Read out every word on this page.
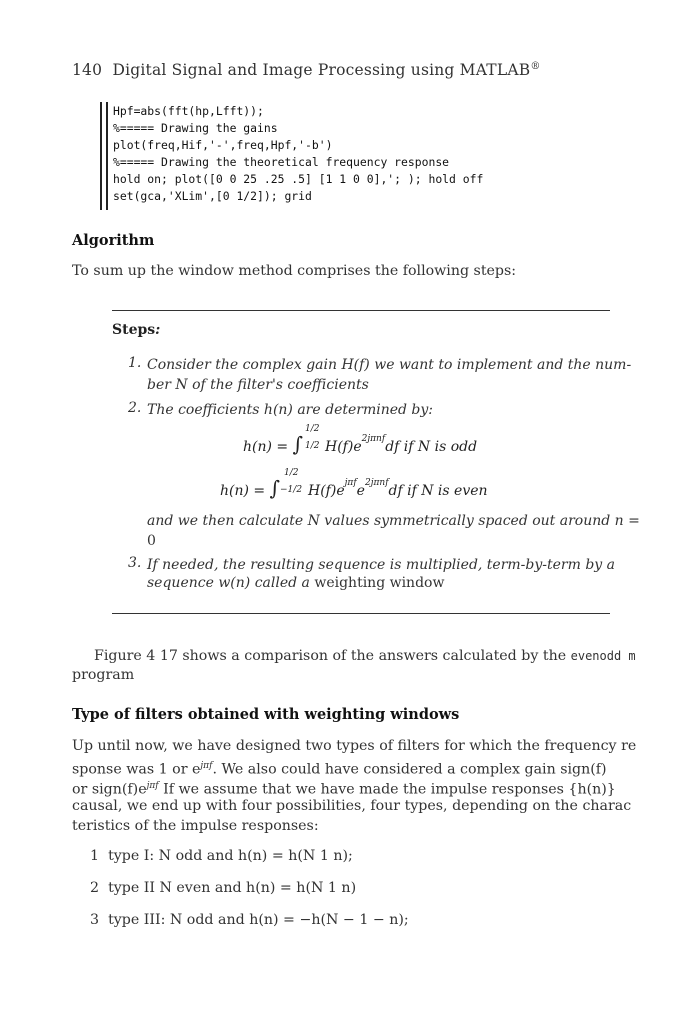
140 Digital Signal and Image Processing using MATLAB®
Hpf=abs(fft(hp,Lfft));
%===== Drawing the gains
plot(freq,Hif,'-',freq,Hpf,'-b')
%===== Drawing the theoretical frequency response
hold on; plot([0 0 25 .25 .5] [1 1 0 0],'; ); hold off
set(gca,'XLim',[0 1/2]); grid
Algorithm
To sum up the window method comprises the following steps:
Steps:
1. Consider the complex gain H(f) we want to implement and the num-
ber N of the filter's coefficients
2. The coefficients h(n) are determined by:
h(n) = ∫
1/2
1/2 $H(f)e^{2j\pi nf}df$ if N is odd
h(n) = ∫
1/2
−1/2 $H(f)e^{j\pi f}e^{2j\pi nf}df$ if N is even
and we then calculate N values symmetrically spaced out around n =
0
3. If needed, the resulting sequence is multiplied, term-by-term by a
sequence w(n) called a weighting window
Figure 4 17 shows a comparison of the answers calculated by the evenodd m
program
Type of filters obtained with weighting windows
Up until now, we have designed two types of filters for which the frequency re
sponse was 1 or $e^{j\pi f}$. We also could have considered a complex gain sign(f)
or $sign(f)e^{j\pi f}$ If we assume that we have made the impulse responses {h(n)}
causal, we end up with four possibilities, four types, depending on the charac
teristics of the impulse responses:
1 type I: N odd and h(n) = h(N 1 n);
2 type II N even and h(n) = h(N 1 n)
3 type III: N odd and h(n) = −h(N − 1 − n);
